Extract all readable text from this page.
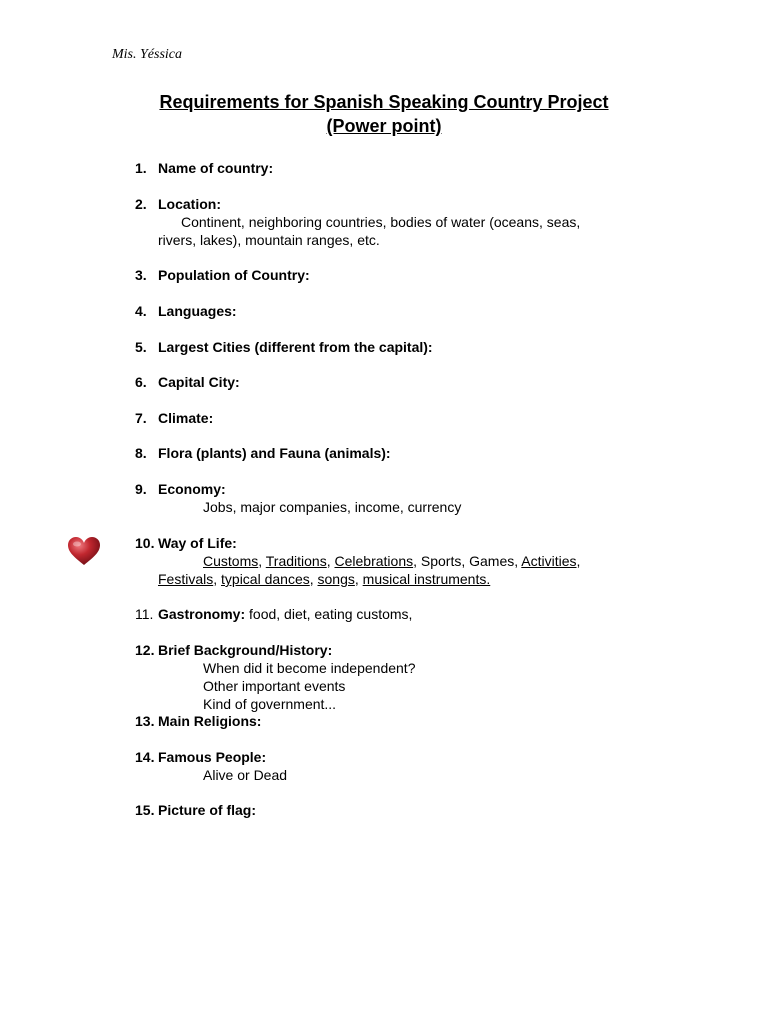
Mis. Yéssica
Requirements for Spanish Speaking Country Project
(Power point)
1. Name of country:
2. Location:
Continent, neighboring countries, bodies of water (oceans, seas,
rivers, lakes), mountain ranges, etc.
3. Population of Country:
4. Languages:
5. Largest Cities (different from the capital):
6. Capital City:
7. Climate:
8. Flora (plants) and Fauna (animals):
9. Economy:
Jobs, major companies, income, currency
10. Way of Life:
Customs, Traditions, Celebrations, Sports, Games, Activities,
Festivals, typical dances, songs, musical instruments.
11. Gastronomy: food, diet, eating customs,
12. Brief Background/History:
When did it become independent?
Other important events
Kind of government...
13. Main Religions:
14. Famous People:
Alive or Dead
15. Picture of flag:
